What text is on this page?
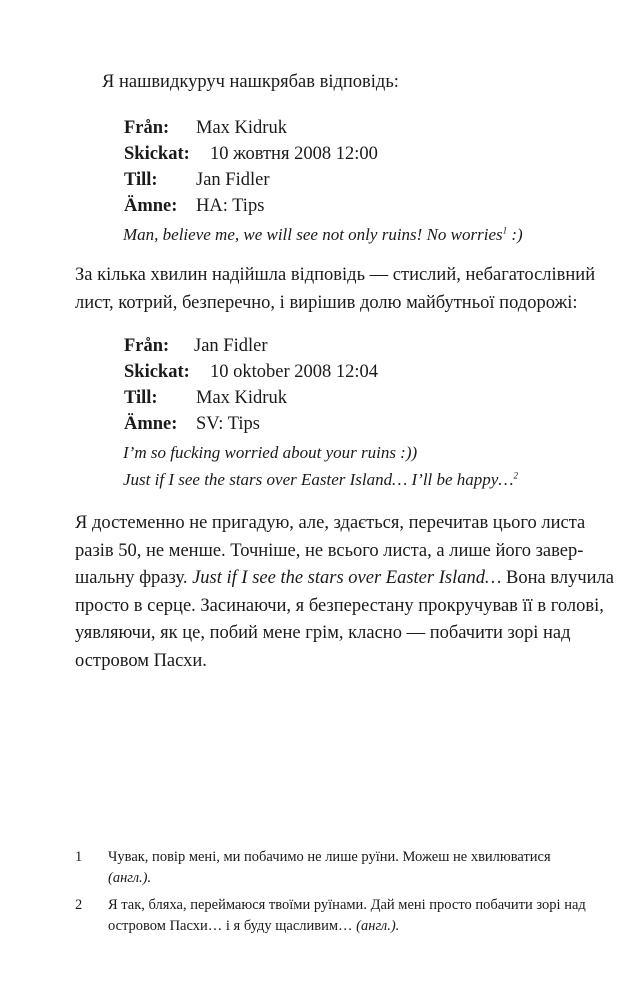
Я нашвидкуруч нашкрябав відповідь:

Från:	Max Kidruk
Skickat:	10 жовтня 2008 12:00
Till:	Jan Fidler
Ämne:	HA: Tips
Man, believe me, we will see not only ruins! No worries$^1$ :)
За кілька хвилин надійшла відповідь — стислий, небагатослівний
лист, котрий, безперечно, і вирішив долю майбутньої подорожі:
Från:	Jan Fidler
Skickat:	10 oktober 2008 12:04
Till:	Max Kidruk
Ämne:	SV: Tips
I’m so fucking worried about your ruins :))
Just if I see the stars over Easter Island… I’ll be happy…$^2$
Я достеменно не пригадую, але, здається, перечитав цього листа
разів 50, не менше. Точніше, не всього листа, а лише його завер-
шальну фразу. Just if I see the stars over Easter Island… Вона влучила
просто в серце. Засинаючи, я безперестану прокручував її в голові,
уявляючи, як це, побий мене грім, класно — побачити зорі над
островом Пасхи.
1	Чувак, повір мені, ми побачимо не лише руїни. Можеш не хвилюватися (англ.).
2	Я так, бляха, переймаюся твоїми руїнами. Дай мені просто побачити зорі над
островом Пасхи… і я буду щасливим… (англ.).
